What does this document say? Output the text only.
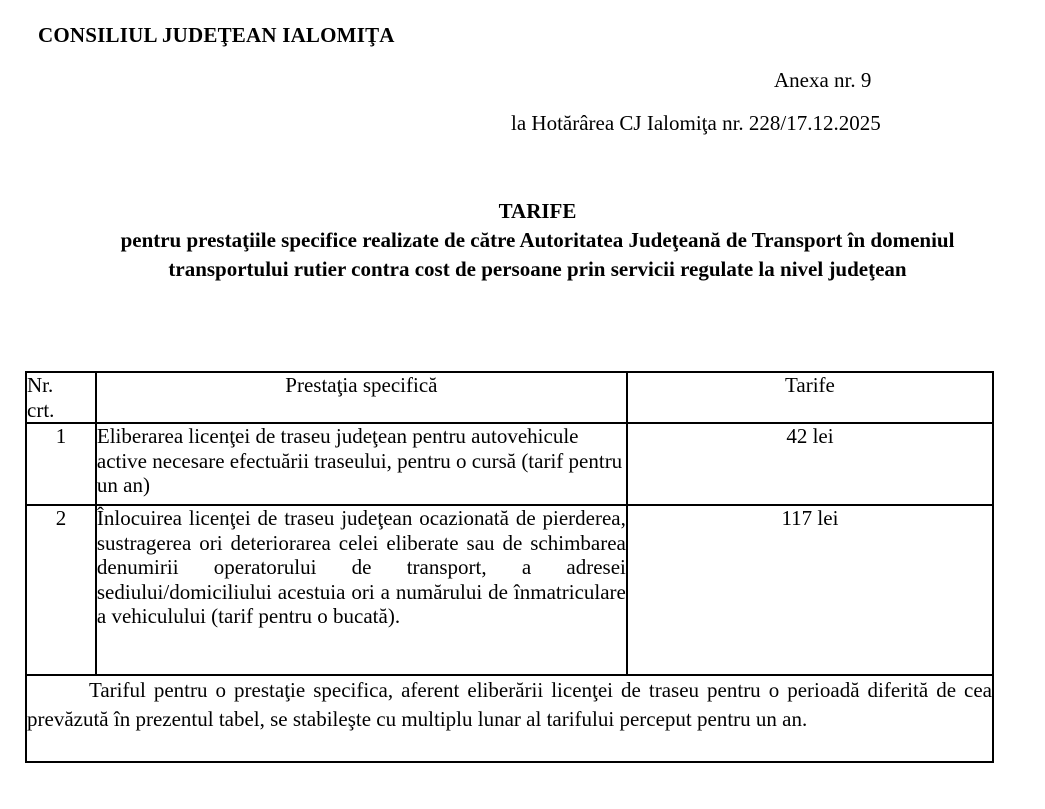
CONSILIUL JUDEŢEAN IALOMIŢA
Anexa nr. 9
la Hotărârea CJ Ialomiţa nr. 228/17.12.2025
TARIFE
pentru prestaţiile specifice realizate de către Autoritatea Judeţeană de Transport în domeniul
transportului rutier contra cost de persoane prin servicii regulate la nivel judeţean
Nr.
crt.	Prestaţia specifică	Tarife
1	Eliberarea licenţei de traseu judeţean pentru autovehicule active necesare efectuării traseului, pentru o cursă (tarif pentru un an)	42 lei
2	Înlocuirea licenţei de traseu judeţean ocazionată de pierderea, sustragerea ori deteriorarea celei eliberate sau de schimbarea denumirii operatorului de transport, a adresei sediului/domiciliului acestuia ori a numărului de înmatriculare a vehiculului (tarif pentru o bucată).	117 lei
Tariful pentru o prestaţie specifica, aferent eliberării licenţei de traseu pentru o perioadă diferită de cea prevăzută în prezentul tabel, se stabileşte cu multiplu lunar al tarifului perceput pentru un an.		
